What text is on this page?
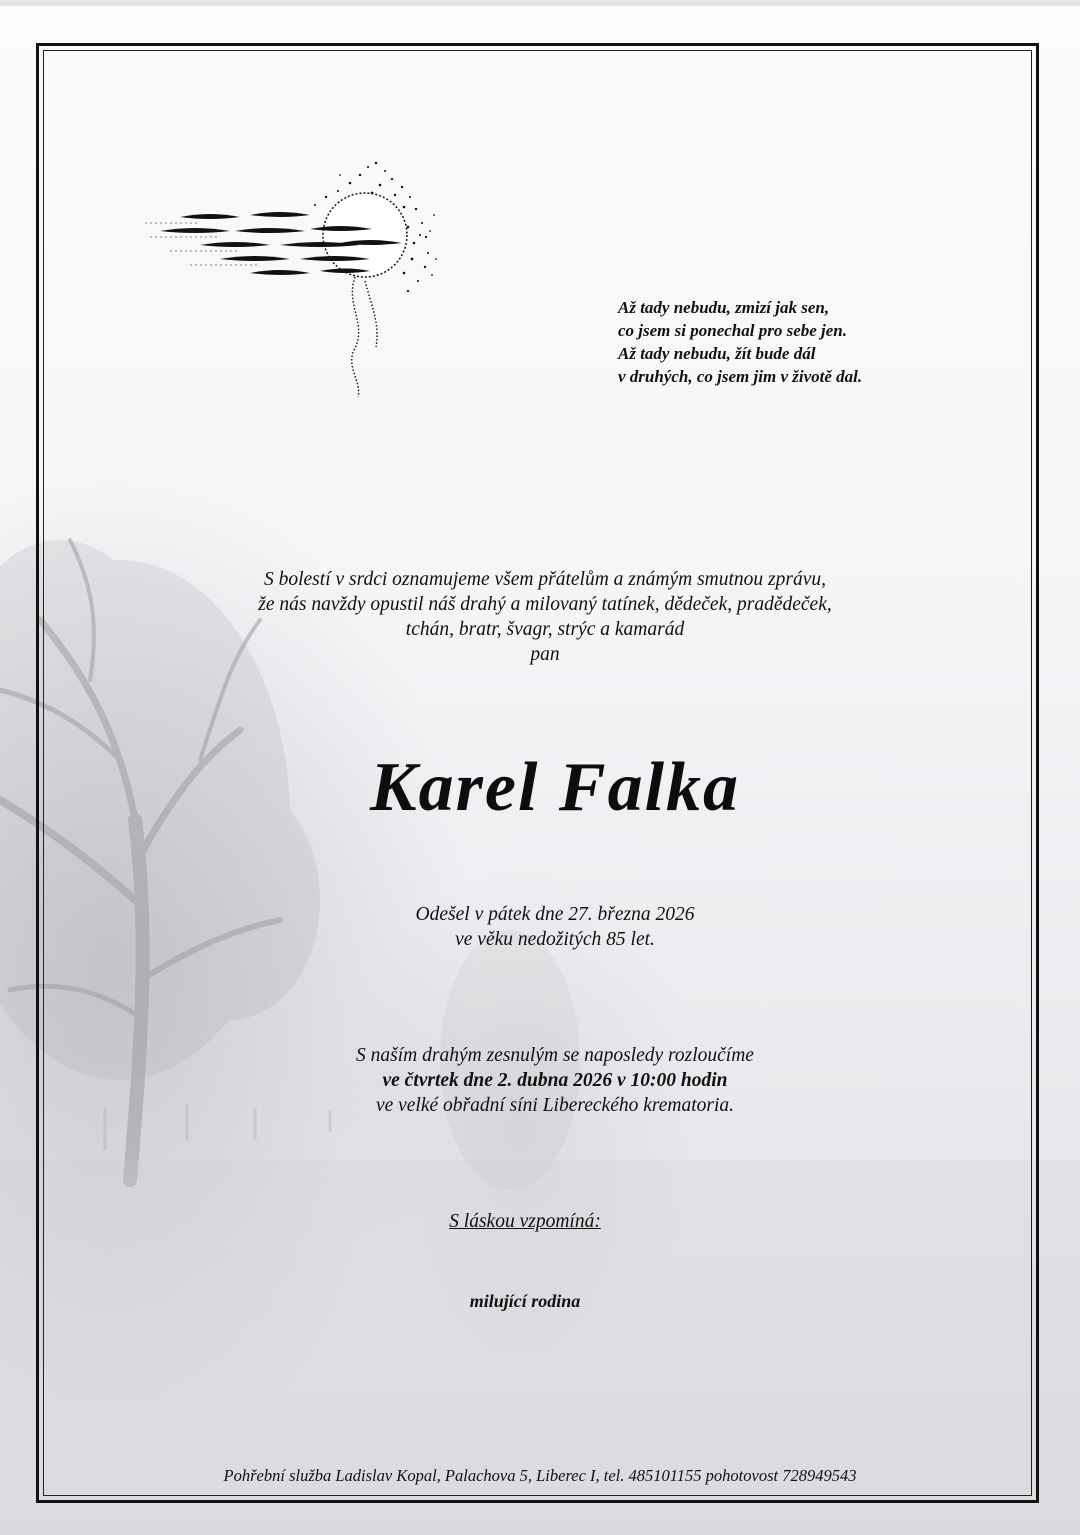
Až tady nebudu, zmizí jak sen,
co jsem si ponechal pro sebe jen.
Až tady nebudu, žít bude dál
v druhých, co jsem jim v životě dal.
S bolestí v srdci oznamujeme všem přátelům a známým smutnou zprávu,
že nás navždy opustil náš drahý a milovaný tatínek, dědeček, pradědeček,
tchán, bratr, švagr, strýc a kamarád
pan
Karel Falka
Odešel v pátek dne 27. března 2026
ve věku nedožitých 85 let.
S naším drahým zesnulým se naposledy rozloučíme
ve čtvrtek dne 2. dubna 2026 v 10:00 hodin
ve velké obřadní síni Libereckého krematoria.
S láskou vzpomíná:
milující rodina
Pohřební služba Ladislav Kopal, Palachova 5, Liberec I, tel. 485101155 pohotovost 728949543
